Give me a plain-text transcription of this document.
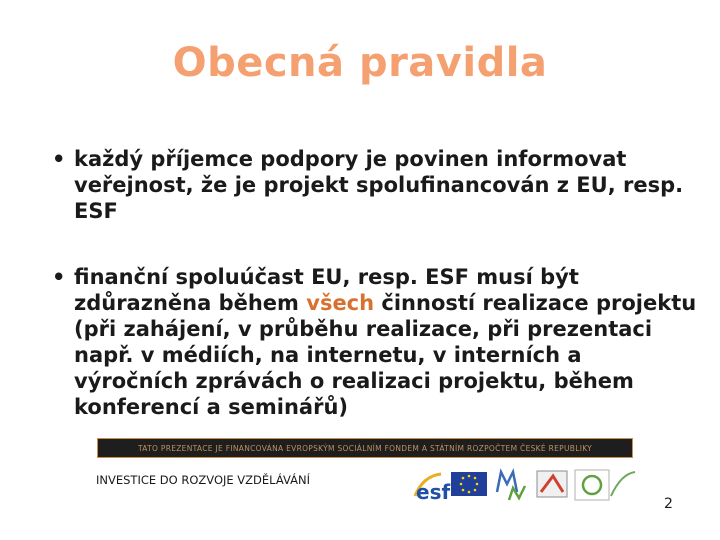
Obecná pravidla
• každý příjemce podpory je povinen informovat veřejnost, že je projekt spolufinancován z EU, resp. ESF
• finanční spoluúčast EU, resp. ESF musí být zdůrazněna během všech činností realizace projektu (při zahájení, v průběhu realizace, při prezentaci např. v médiích, na internetu, v interních a výročních zprávách o realizaci projektu, během konferencí a seminářů)
TATO PREZENTACE JE FINANCOVÁNA EVROPSKÝM SOCIÁLNÍM FONDEM A STÁTNÍM ROZPOČTEM ČESKÉ REPUBLIKY
INVESTICE DO ROZVOJE VZDĚLÁVÁNÍ	esf	2
